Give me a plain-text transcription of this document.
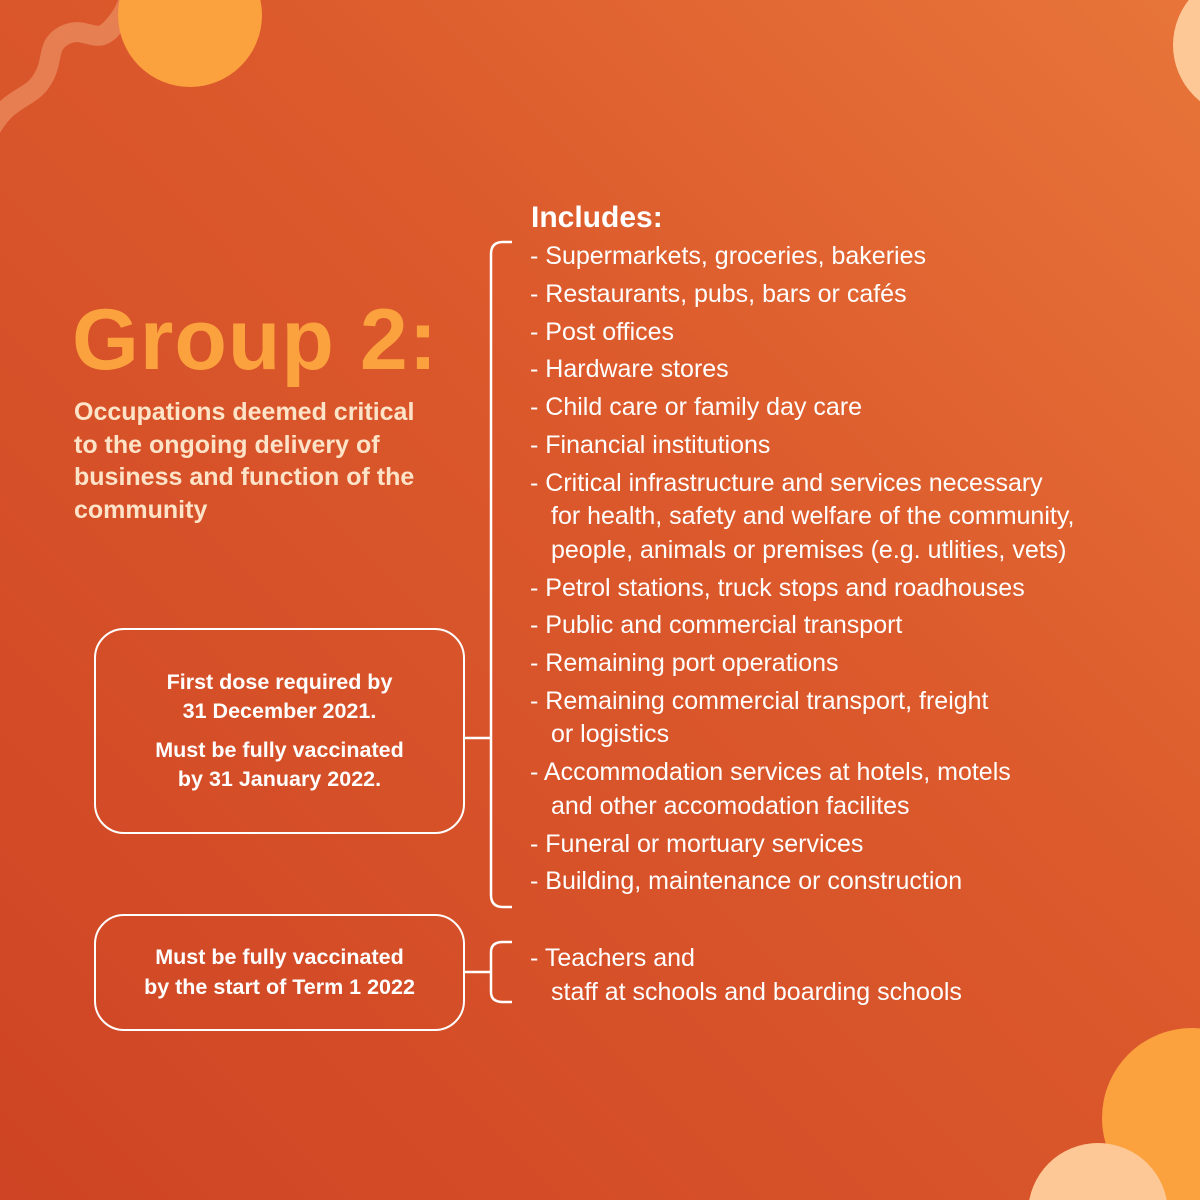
Group 2:

Occupations deemed critical
to the ongoing delivery of
business and function of the
community

First dose required by
31 December 2021.

Must be fully vaccinated
by 31 January 2022.

Must be fully vaccinated
by the start of Term 1 2022

Includes:
- Supermarkets, groceries, bakeries
- Restaurants, pubs, bars or cafés
- Post offices
- Hardware stores
- Child care or family day care
- Financial institutions
- Critical infrastructure and services necessary
for health, safety and welfare of the community,
people, animals or premises (e.g. utlities, vets)
- Petrol stations, truck stops and roadhouses
- Public and commercial transport
- Remaining port operations
- Remaining commercial transport, freight
or logistics
- Accommodation services at hotels, motels
and other accomodation facilites
- Funeral or mortuary services
- Building, maintenance or construction
- Teachers and
staff at schools and boarding schools
